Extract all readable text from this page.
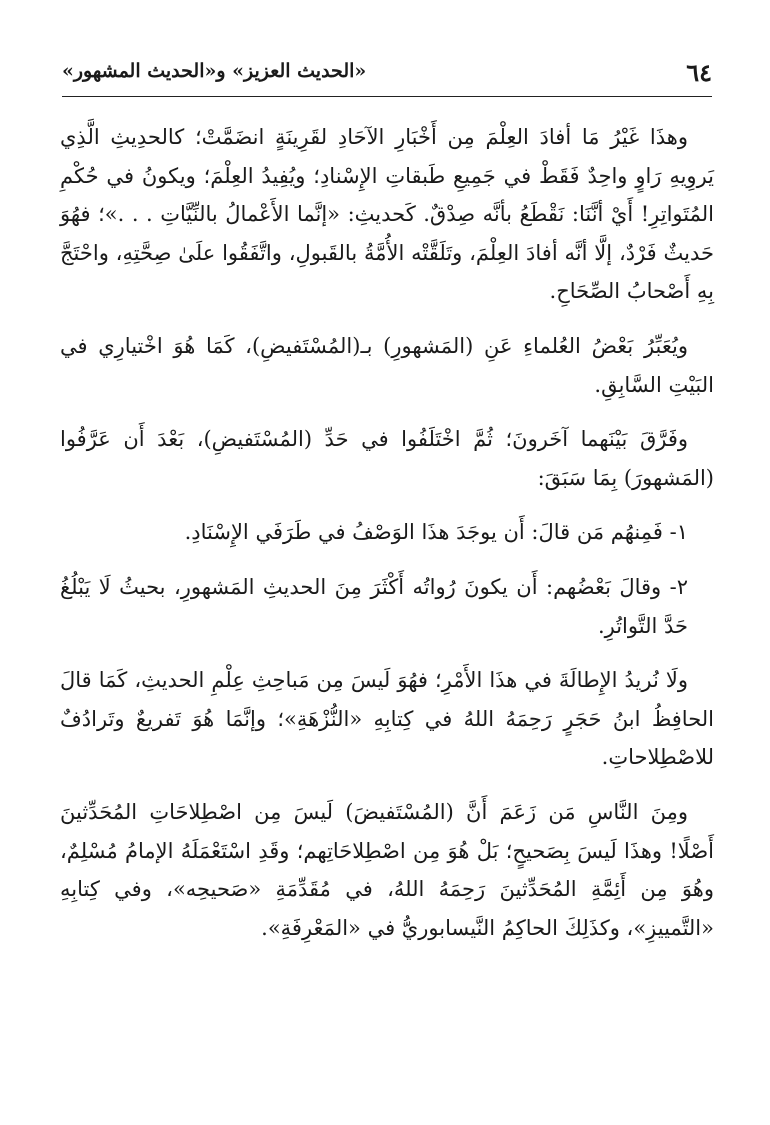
٦٤
«الحديث العزيز» و«الحديث المشهور»

وهذَا غَيْرُ مَا أفادَ العِلْمَ مِن أَخْبَارِ الآحَادِ لقَرِينَةٍ انضَمَّتْ؛ كالحدِيثِ الَّذِي يَروِيهِ رَاوٍ واحِدٌ فَقَطْ في جَمِيعِ طَبقاتِ الإِسْنادِ؛ ويُفِيدُ العِلْمَ؛ ويكونُ في حُكْمِ المُتَواتِرِ! أَيْ أنَّنَا: نَقْطَعُ بأنَّه صِدْقٌ. كَحديثِ: «إنَّما الأَعْمالُ بالنِّيَّاتِ . . .»؛ فهُوَ حَديثٌ فَرْدٌ، إلَّا أنَّه أفادَ العِلْمَ، وتَلَقَّتْه الأُمَّةُ بالقَبولِ، واتَّفَقُوا علَىٰ صِحَّتِهِ، واحْتَجَّ بِهِ أَصْحابُ الصِّحَاحِ.

ويُعَبِّرُ بَعْضُ العُلماءِ عَنِ (المَشهورِ) بـ(المُسْتَفيضِ)، كَمَا هُوَ اخْتيارِي في البَيْتِ السَّابِقِ.

وفَرَّقَ بَيْنَهما آخَرونَ؛ ثُمَّ اخْتَلَفُوا في حَدِّ (المُسْتَفيضِ)، بَعْدَ أَن عَرَّفُوا (المَشهورَ) بِمَا سَبَقَ:

١- فَمِنهُم مَن قالَ: أَن يوجَدَ هذَا الوَصْفُ في طَرَفَي الإِسْنَادِ.

٢- وقالَ بَعْضُهم: أَن يكونَ رُواتُه أَكْثَرَ مِنَ الحديثِ المَشهورِ، بحيثُ لَا يَبْلُغُ حَدَّ التَّواتُرِ.

ولَا نُريدُ الإِطالَةَ في هذَا الأَمْرِ؛ فهُوَ لَيسَ مِن مَباحِثِ عِلْمِ الحديثِ، كَمَا قالَ الحافِظُ ابنُ حَجَرٍ رَحِمَهُ اللهُ في كِتابِهِ «النُّزْهَةِ»؛ وإنَّمَا هُوَ تَفريعٌ وتَرادُفٌ للاصْطِلاحاتِ.

ومِنَ النَّاسِ مَن زَعَمَ أَنَّ (المُسْتَفيضَ) لَيسَ مِن اصْطِلاحَاتِ المُحَدِّثينَ أَصْلًا! وهذَا لَيسَ بِصَحيحٍ؛ بَلْ هُوَ مِن اصْطِلاحَاتِهم؛ وقَدِ اسْتَعْمَلَهُ الإمامُ مُسْلِمٌ، وهُوَ مِن أَئِمَّةِ المُحَدِّثينَ رَحِمَهُ اللهُ، في مُقَدِّمَةِ «صَحيحِه»، وفي كِتابِهِ «التَّمييزِ»، وكذَلِكَ الحاكِمُ النَّيسابوريُّ في «المَعْرِفَةِ».
